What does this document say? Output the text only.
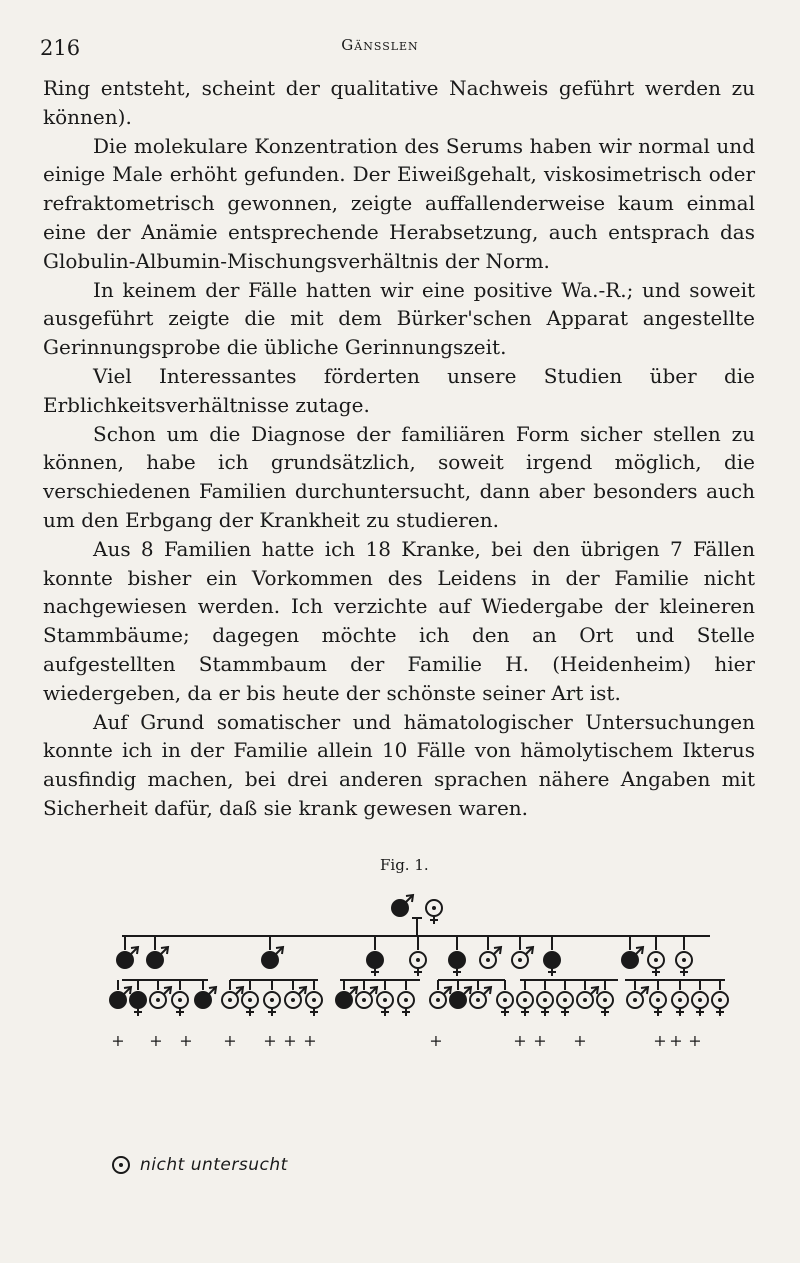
216	Gänsslen

Ring entsteht, scheint der qualitative Nachweis geführt werden zu können).

Die molekulare Konzentration des Serums haben wir normal und einige Male erhöht gefunden. Der Eiweißgehalt, viskosimetrisch oder refraktometrisch gewonnen, zeigte auffallenderweise kaum einmal eine der Anämie entsprechende Herabsetzung, auch entsprach das Globulin-Albumin-Mischungsverhältnis der Norm.

In keinem der Fälle hatten wir eine positive Wa.-R.; und soweit ausgeführt zeigte die mit dem Bürker'schen Apparat angestellte Gerinnungsprobe die übliche Gerinnungszeit.

Viel Interessantes förderten unsere Studien über die Erblichkeitsverhältnisse zutage.

Schon um die Diagnose der familiären Form sicher stellen zu können, habe ich grundsätzlich, soweit irgend möglich, die verschiedenen Familien durchuntersucht, dann aber besonders auch um den Erbgang der Krankheit zu studieren.

Aus 8 Familien hatte ich 18 Kranke, bei den übrigen 7 Fällen konnte bisher ein Vorkommen des Leidens in der Familie nicht nachgewiesen werden. Ich verzichte auf Wiedergabe der kleineren Stammbäume; dagegen möchte ich den an Ort und Stelle aufgestellten Stammbaum der Familie H. (Heidenheim) hier wiedergeben, da er bis heute der schönste seiner Art ist.

Auf Grund somatischer und hämatologischer Untersuchungen konnte ich in der Familie allein 10 Fälle von hämolytischem Ikterus ausfindig machen, bei drei anderen sprachen nähere Angaben mit Sicherheit dafür, daß sie krank gewesen waren.

Fig. 1.
+ + + + + + +	+	+ + +	+ + +
nicht untersucht
